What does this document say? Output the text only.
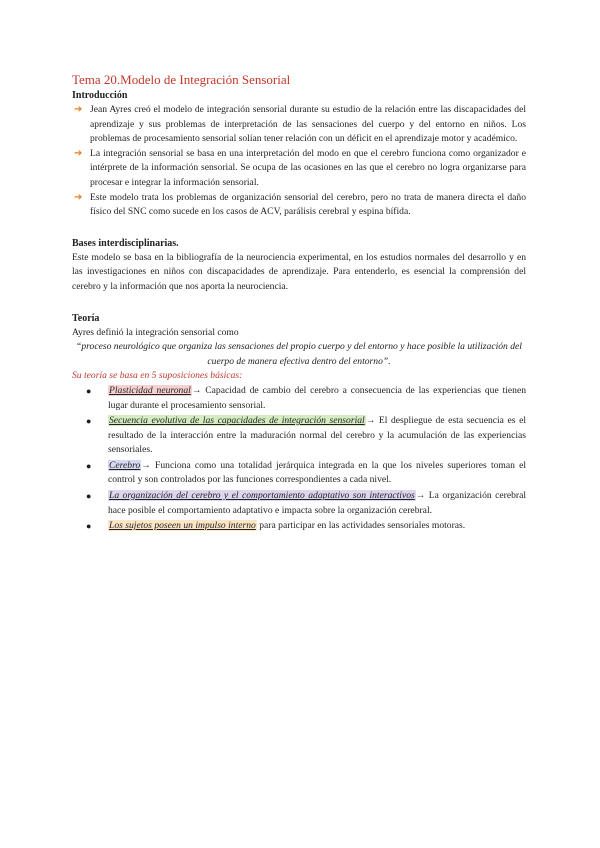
Tema 20.Modelo de Integración Sensorial
Introducción
➔ Jean Ayres creó el modelo de integración sensorial durante su estudio de la relación entre las discapacidades del aprendizaje y sus problemas de interpretación de las sensaciones del cuerpo y del entorno en niños. Los problemas de procesamiento sensorial solían tener relación con un déficit en el aprendizaje motor y académico.
➔ La integración sensorial se basa en una interpretación del modo en que el cerebro funciona como organizador e intérprete de la información sensorial. Se ocupa de las ocasiones en las que el cerebro no logra organizarse para procesar e integrar la información sensorial.
➔ Este modelo trata los problemas de organización sensorial del cerebro, pero no trata de manera directa el daño físico del SNC como sucede en los casos de ACV, parálisis cerebral y espina bífida.
Bases interdisciplinarias.

Este modelo se basa en la bibliografía de la neurociencia experimental, en los estudios normales del desarrollo y en las investigaciones en niños con discapacidades de aprendizaje. Para entenderlo, es esencial la comprensión del cerebro y la información que nos aporta la neurociencia.

Teoría

Ayres definió la integración sensorial como

“proceso neurológico que organiza las sensaciones del propio cuerpo y del entorno y hace posible la utilización del cuerpo de manera efectiva dentro del entorno”.

Su teoría se basa en 5 suposiciones básicas:

● Plasticidad neuronal→ Capacidad de cambio del cerebro a consecuencia de las experiencias que tienen lugar durante el procesamiento sensorial.
● Secuencia evolutiva de las capacidades de integración sensorial→ El despliegue de esta secuencia es el resultado de la interacción entre la maduración normal del cerebro y la acumulación de las experiencias sensoriales.
● Cerebro→ Funciona como una totalidad jerárquica integrada en la que los niveles superiores toman el control y son controlados por las funciones correspondientes a cada nivel.
● La organización del cerebro y el comportamiento adaptativo son interactivos→ La organización cerebral hace posible el comportamiento adaptativo e impacta sobre la organización cerebral.
● Los sujetos poseen un impulso interno para participar en las actividades sensoriales motoras.
